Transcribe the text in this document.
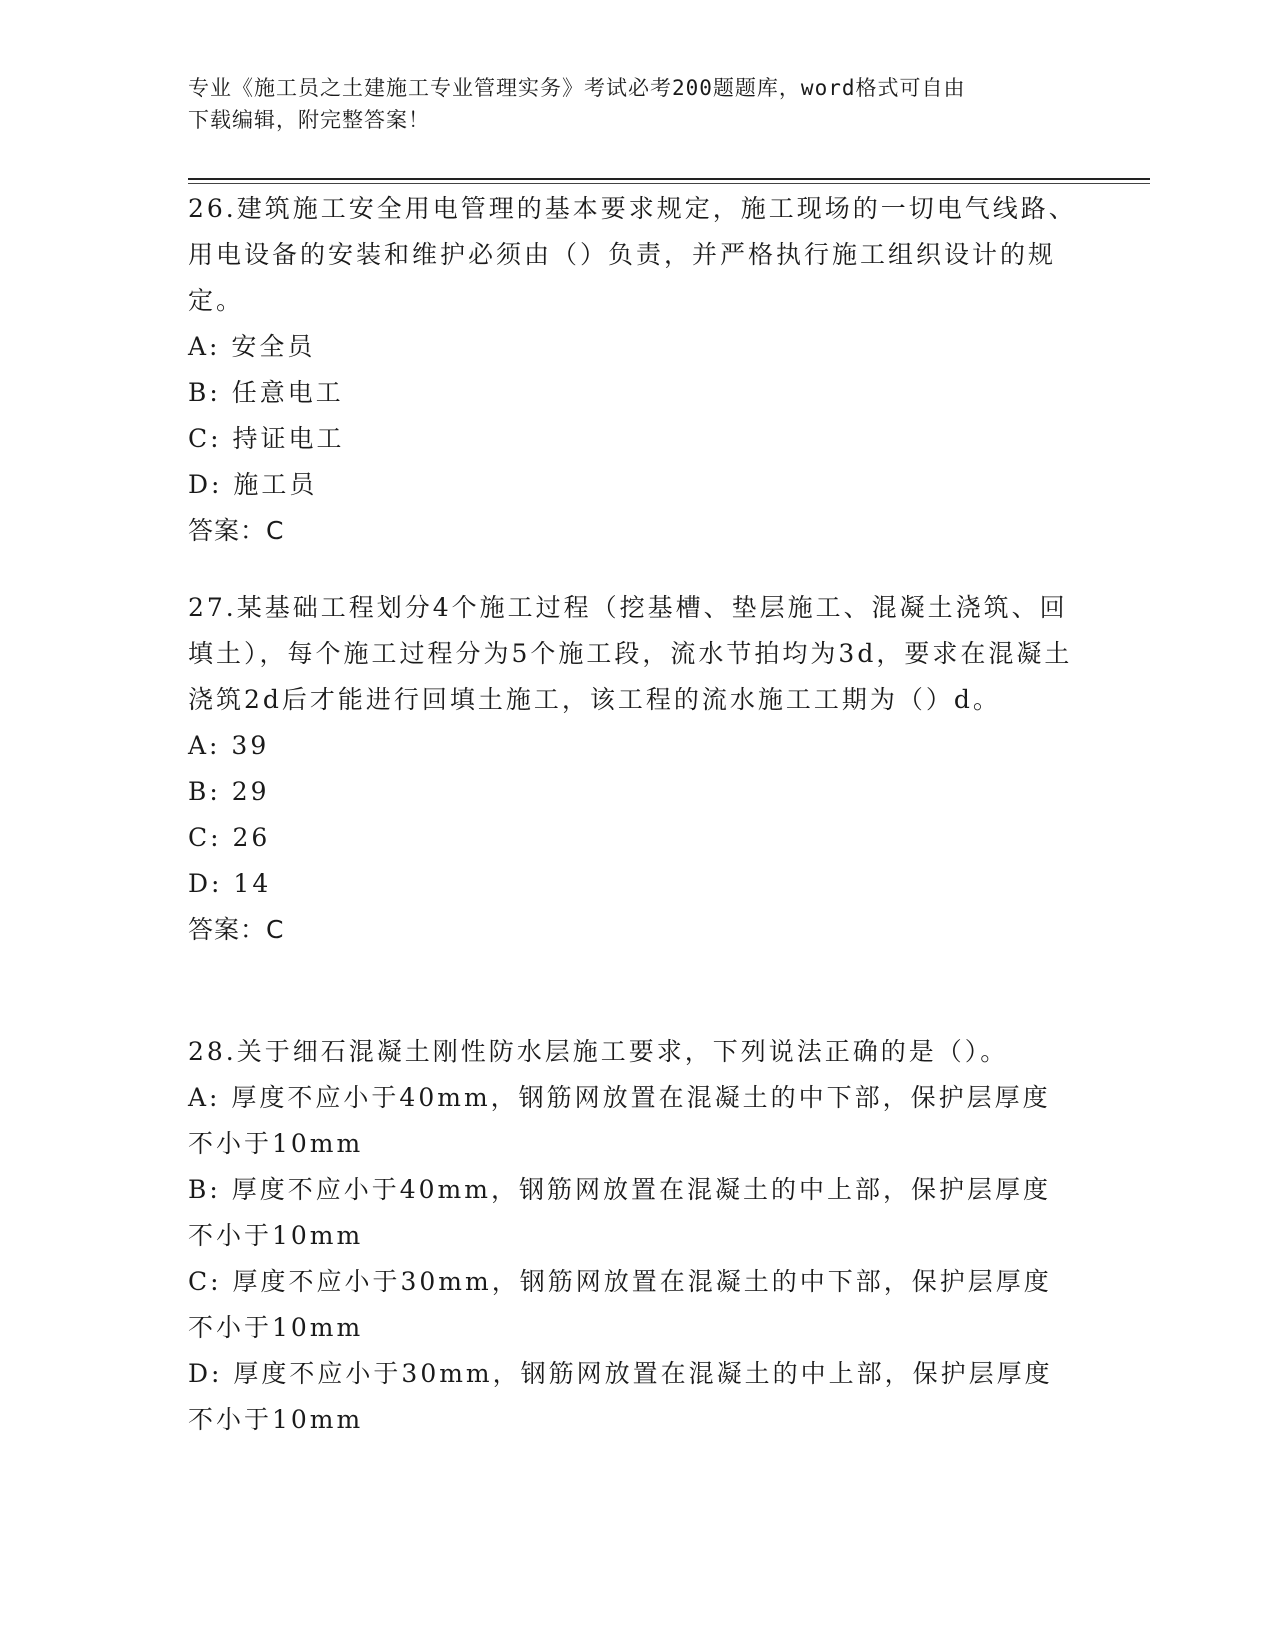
专业《施工员之土建施工专业管理实务》考试必考200题题库，word格式可自由
下载编辑，附完整答案！
26.建筑施工安全用电管理的基本要求规定，施工现场的一切电气线路、用电设备的安装和维护必须由（）负责，并严格执行施工组织设计的规定。
A: 安全员
B: 任意电工
C: 持证电工
D: 施工员
答案：C
27.某基础工程划分4个施工过程（挖基槽、垫层施工、混凝土浇筑、回填土），每个施工过程分为5个施工段，流水节拍均为3d，要求在混凝土浇筑2d后才能进行回填土施工，该工程的流水施工工期为（）d。
A: 39
B: 29
C: 26
D: 14
答案：C
28.关于细石混凝土刚性防水层施工要求，下列说法正确的是（）。
A: 厚度不应小于40mm，钢筋网放置在混凝土的中下部，保护层厚度不小于10mm
B: 厚度不应小于40mm，钢筋网放置在混凝土的中上部，保护层厚度不小于10mm
C: 厚度不应小于30mm，钢筋网放置在混凝土的中下部，保护层厚度不小于10mm
D: 厚度不应小于30mm，钢筋网放置在混凝土的中上部，保护层厚度不小于10mm
